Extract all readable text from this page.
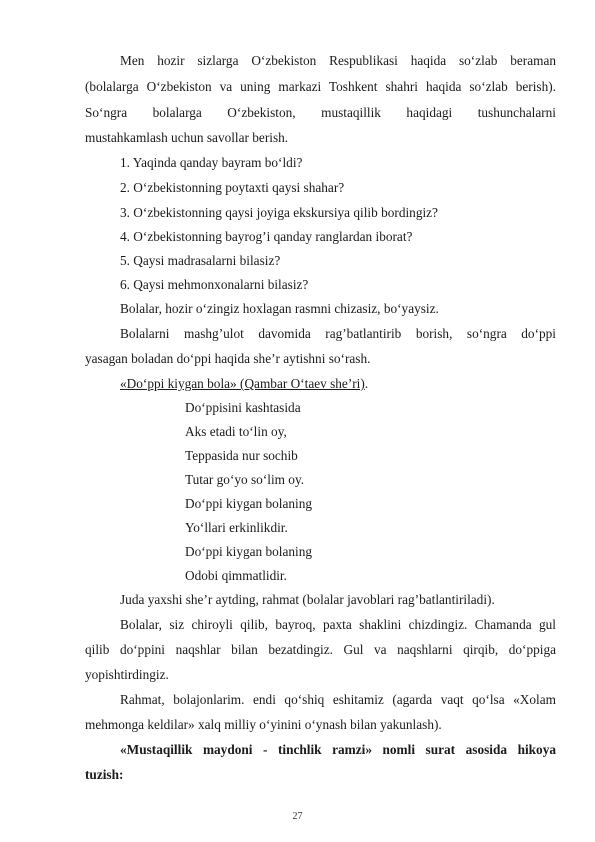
Men hozir sizlarga O‘zbekiston Respublikasi haqida so‘zlab beraman
(bolalarga O‘zbekiston va uning markazi Toshkent shahri haqida so‘zlab berish).
So‘ngra bolalarga O‘zbekiston, mustaqillik haqidagi tushunchalarni
mustahkamlash uchun savollar berish.
1. Yaqinda qanday bayram bo‘ldi?
2. O‘zbekistonning poytaxti qaysi shahar?
3. O‘zbekistonning qaysi joyiga ekskursiya qilib bordingiz?
4. O‘zbekistonning bayrog’i qanday ranglardan iborat?
5. Qaysi madrasalarni bilasiz?
6. Qaysi mehmonxonalarni bilasiz?
Bolalar, hozir o‘zingiz hoxlagan rasmni chizasiz, bo‘yaysiz.
Bolalarni mashg’ulot davomida rag’batlantirib borish, so‘ngra do‘ppi
yasagan boladan do‘ppi haqida she’r aytishni so‘rash.
«Do‘ppi kiygan bola» (Qambar O‘taev she’ri).
Do‘ppisini kashtasida
Aks etadi to‘lin oy,
Teppasida nur sochib
Tutar go‘yo so‘lim oy.
Do‘ppi kiygan bolaning
Yo‘llari erkinlikdir.
Do‘ppi kiygan bolaning
Odobi qimmatlidir.
Juda yaxshi she’r aytding, rahmat (bolalar javoblari rag’batlantiriladi).
Bolalar, siz chiroyli qilib, bayroq, paxta shaklini chizdingiz. Chamanda gul
qilib do‘ppini naqshlar bilan bezatdingiz. Gul va naqshlarni qirqib, do‘ppiga
yopishtirdingiz.
Rahmat, bolajonlarim. endi qo‘shiq eshitamiz (agarda vaqt qo‘lsa «Xolam
mehmonga keldilar» xalq milliy o‘yinini o‘ynash bilan yakunlash).
«Mustaqillik maydoni - tinchlik ramzi» nomli surat asosida hikoya
tuzish:
27
